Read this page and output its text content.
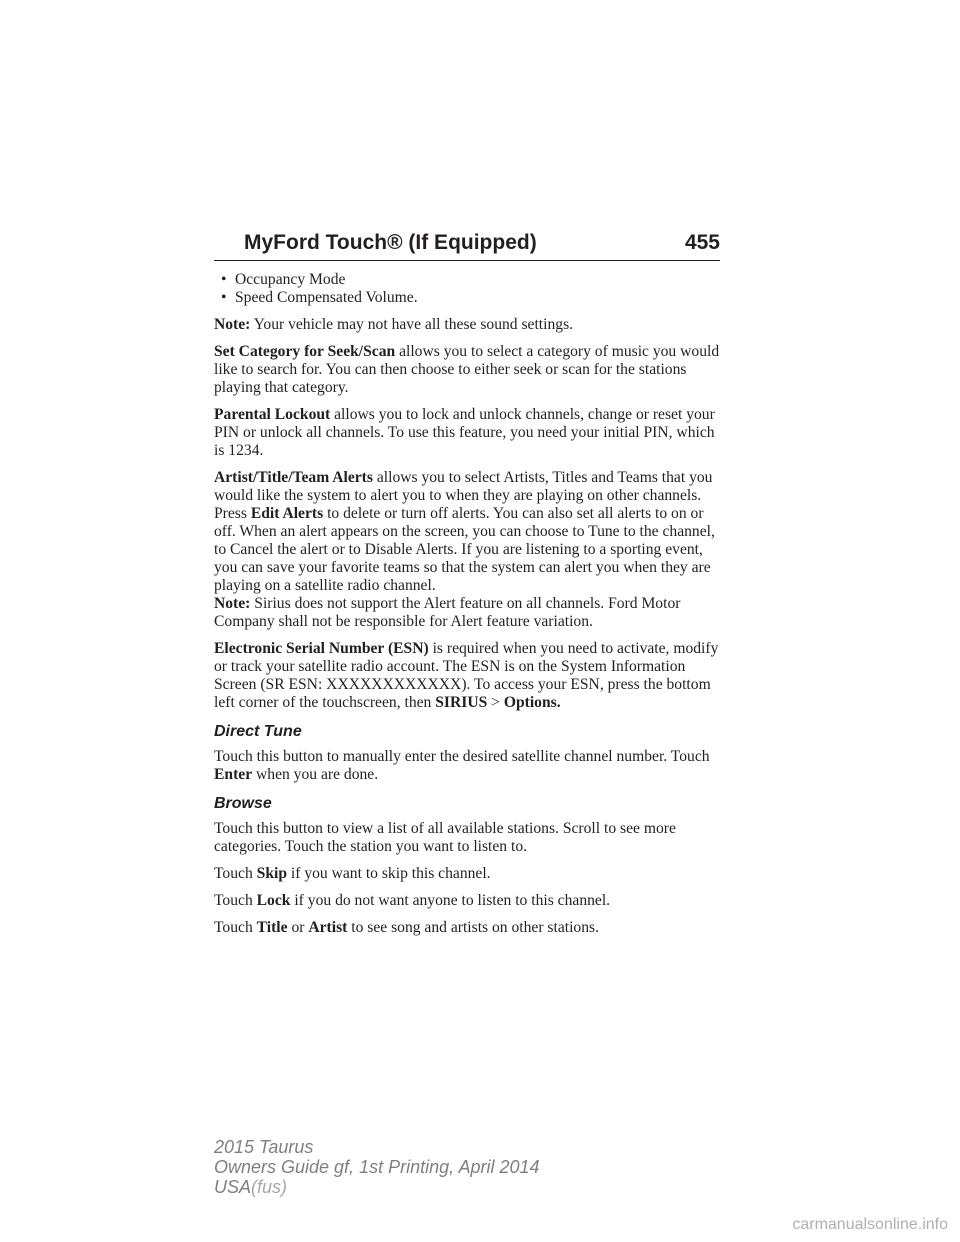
MyFord Touch® (If Equipped)	455

• Occupancy Mode

• Speed Compensated Volume.

Note: Your vehicle may not have all these sound settings.

Set Category for Seek/Scan allows you to select a category of music you would like to search for. You can then choose to either seek or scan for the stations playing that category.

Parental Lockout allows you to lock and unlock channels, change or reset your PIN or unlock all channels. To use this feature, you need your initial PIN, which is 1234.

Artist/Title/Team Alerts allows you to select Artists, Titles and Teams that you would like the system to alert you to when they are playing on other channels. Press Edit Alerts to delete or turn off alerts. You can also set all alerts to on or off. When an alert appears on the screen, you can choose to Tune to the channel, to Cancel the alert or to Disable Alerts. If you are listening to a sporting event, you can save your favorite teams so that the system can alert you when they are playing on a satellite radio channel.

Note: Sirius does not support the Alert feature on all channels. Ford Motor Company shall not be responsible for Alert feature variation.

Electronic Serial Number (ESN) is required when you need to activate, modify or track your satellite radio account. The ESN is on the System Information Screen (SR ESN: XXXXXXXXXXXX). To access your ESN, press the bottom left corner of the touchscreen, then SIRIUS > Options.

Direct Tune

Touch this button to manually enter the desired satellite channel number. Touch Enter when you are done.

Browse

Touch this button to view a list of all available stations. Scroll to see more categories. Touch the station you want to listen to.

Touch Skip if you want to skip this channel.

Touch Lock if you do not want anyone to listen to this channel.

Touch Title or Artist to see song and artists on other stations.

2015 Taurus
Owners Guide gf, 1st Printing, April 2014
USA(fus)
carmanualsonline.info
